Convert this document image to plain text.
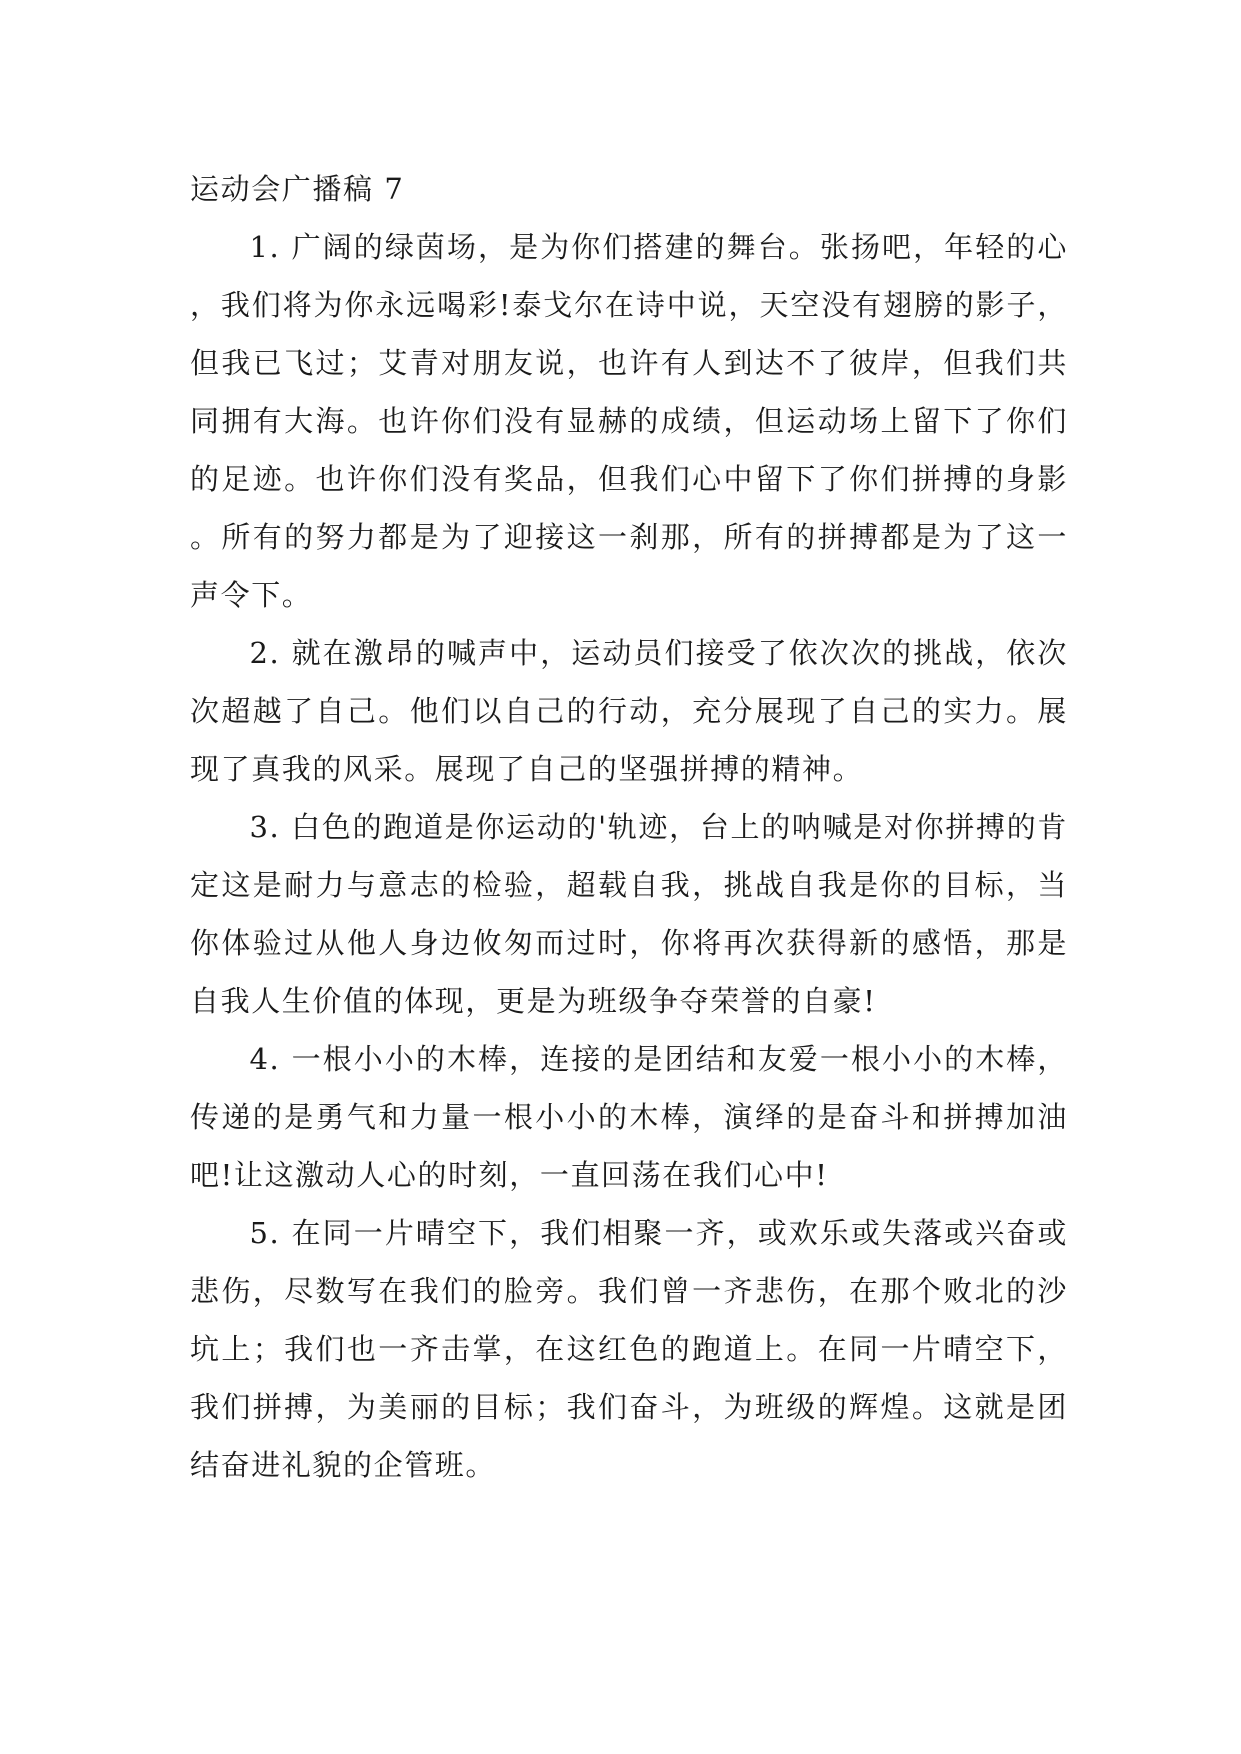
运动会广播稿 7

1. 广阔的绿茵场，是为你们搭建的舞台。张扬吧，年轻的心，我们将为你永远喝彩!泰戈尔在诗中说，天空没有翅膀的影子，但我已飞过；艾青对朋友说，也许有人到达不了彼岸，但我们共同拥有大海。也许你们没有显赫的成绩，但运动场上留下了你们的足迹。也许你们没有奖品，但我们心中留下了你们拼搏的身影。所有的努力都是为了迎接这一刹那，所有的拼搏都是为了这一声令下。

2. 就在激昂的喊声中，运动员们接受了依次次的挑战，依次次超越了自己。他们以自己的行动，充分展现了自己的实力。展现了真我的风采。展现了自己的坚强拼搏的精神。

3. 白色的跑道是你运动的'轨迹，台上的呐喊是对你拼搏的肯定这是耐力与意志的检验，超载自我，挑战自我是你的目标，当你体验过从他人身边攸匆而过时，你将再次获得新的感悟，那是自我人生价值的体现，更是为班级争夺荣誉的自豪!

4. 一根小小的木棒，连接的是团结和友爱一根小小的木棒，传递的是勇气和力量一根小小的木棒，演绎的是奋斗和拼搏加油吧!让这激动人心的时刻，一直回荡在我们心中!

5. 在同一片晴空下，我们相聚一齐，或欢乐或失落或兴奋或悲伤，尽数写在我们的脸旁。我们曾一齐悲伤，在那个败北的沙坑上；我们也一齐击掌，在这红色的跑道上。在同一片晴空下，我们拼搏，为美丽的目标；我们奋斗，为班级的辉煌。这就是团结奋进礼貌的企管班。
